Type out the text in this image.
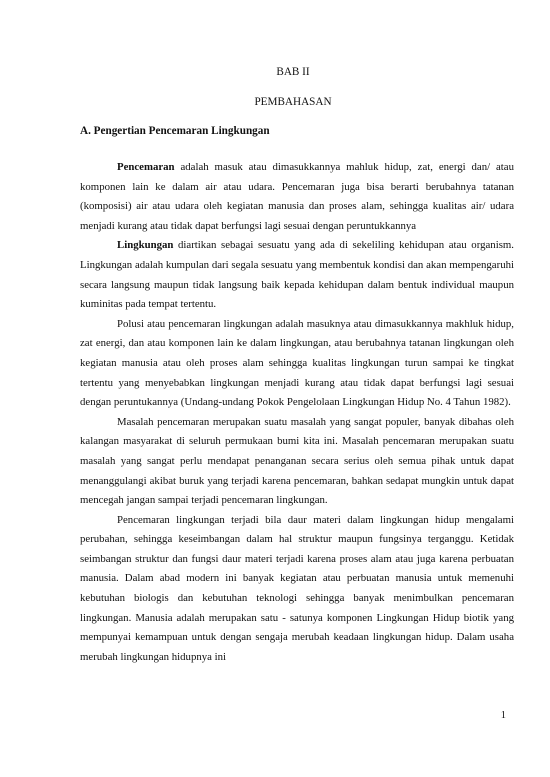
BAB II
PEMBAHASAN
A. Pengertian Pencemaran Lingkungan

Pencemaran adalah masuk atau dimasukkannya mahluk hidup, zat, energi dan/ atau komponen lain ke dalam air atau udara. Pencemaran juga bisa berarti berubahnya tatanan (komposisi) air atau udara oleh kegiatan manusia dan proses alam, sehingga kualitas air/ udara menjadi kurang atau tidak dapat berfungsi lagi sesuai dengan peruntukkannya

Lingkungan diartikan sebagai sesuatu yang ada di sekeliling kehidupan atau organism. Lingkungan adalah kumpulan dari segala sesuatu yang membentuk kondisi dan akan mempengaruhi secara langsung maupun tidak langsung baik kepada kehidupan dalam bentuk individual maupun kuminitas pada tempat tertentu.

Polusi atau pencemaran lingkungan adalah masuknya atau dimasukkannya makhluk hidup, zat energi, dan atau komponen lain ke dalam lingkungan, atau berubahnya tatanan lingkungan oleh kegiatan manusia atau oleh proses alam sehingga kualitas lingkungan turun sampai ke tingkat tertentu yang menyebabkan lingkungan menjadi kurang atau tidak dapat berfungsi lagi sesuai dengan peruntukannya (Undang-undang Pokok Pengelolaan Lingkungan Hidup No. 4 Tahun 1982).

Masalah pencemaran merupakan suatu masalah yang sangat populer, banyak dibahas oleh kalangan masyarakat di seluruh permukaan bumi kita ini. Masalah pencemaran merupakan suatu masalah yang sangat perlu mendapat penanganan secara serius oleh semua pihak untuk dapat menanggulangi akibat buruk yang terjadi karena pencemaran, bahkan sedapat mungkin untuk dapat mencegah jangan sampai terjadi pencemaran lingkungan.

Pencemaran lingkungan terjadi bila daur materi dalam lingkungan hidup mengalami perubahan, sehingga keseimbangan dalam hal struktur maupun fungsinya terganggu. Ketidak seimbangan struktur dan fungsi daur materi terjadi karena proses alam atau juga karena perbuatan manusia. Dalam abad modern ini banyak kegiatan atau perbuatan manusia untuk memenuhi kebutuhan biologis dan kebutuhan teknologi sehingga banyak menimbulkan pencemaran lingkungan. Manusia adalah merupakan satu - satunya komponen Lingkungan Hidup biotik yang mempunyai kemampuan untuk dengan sengaja merubah keadaan lingkungan hidup. Dalam usaha merubah lingkungan hidupnya ini

1
